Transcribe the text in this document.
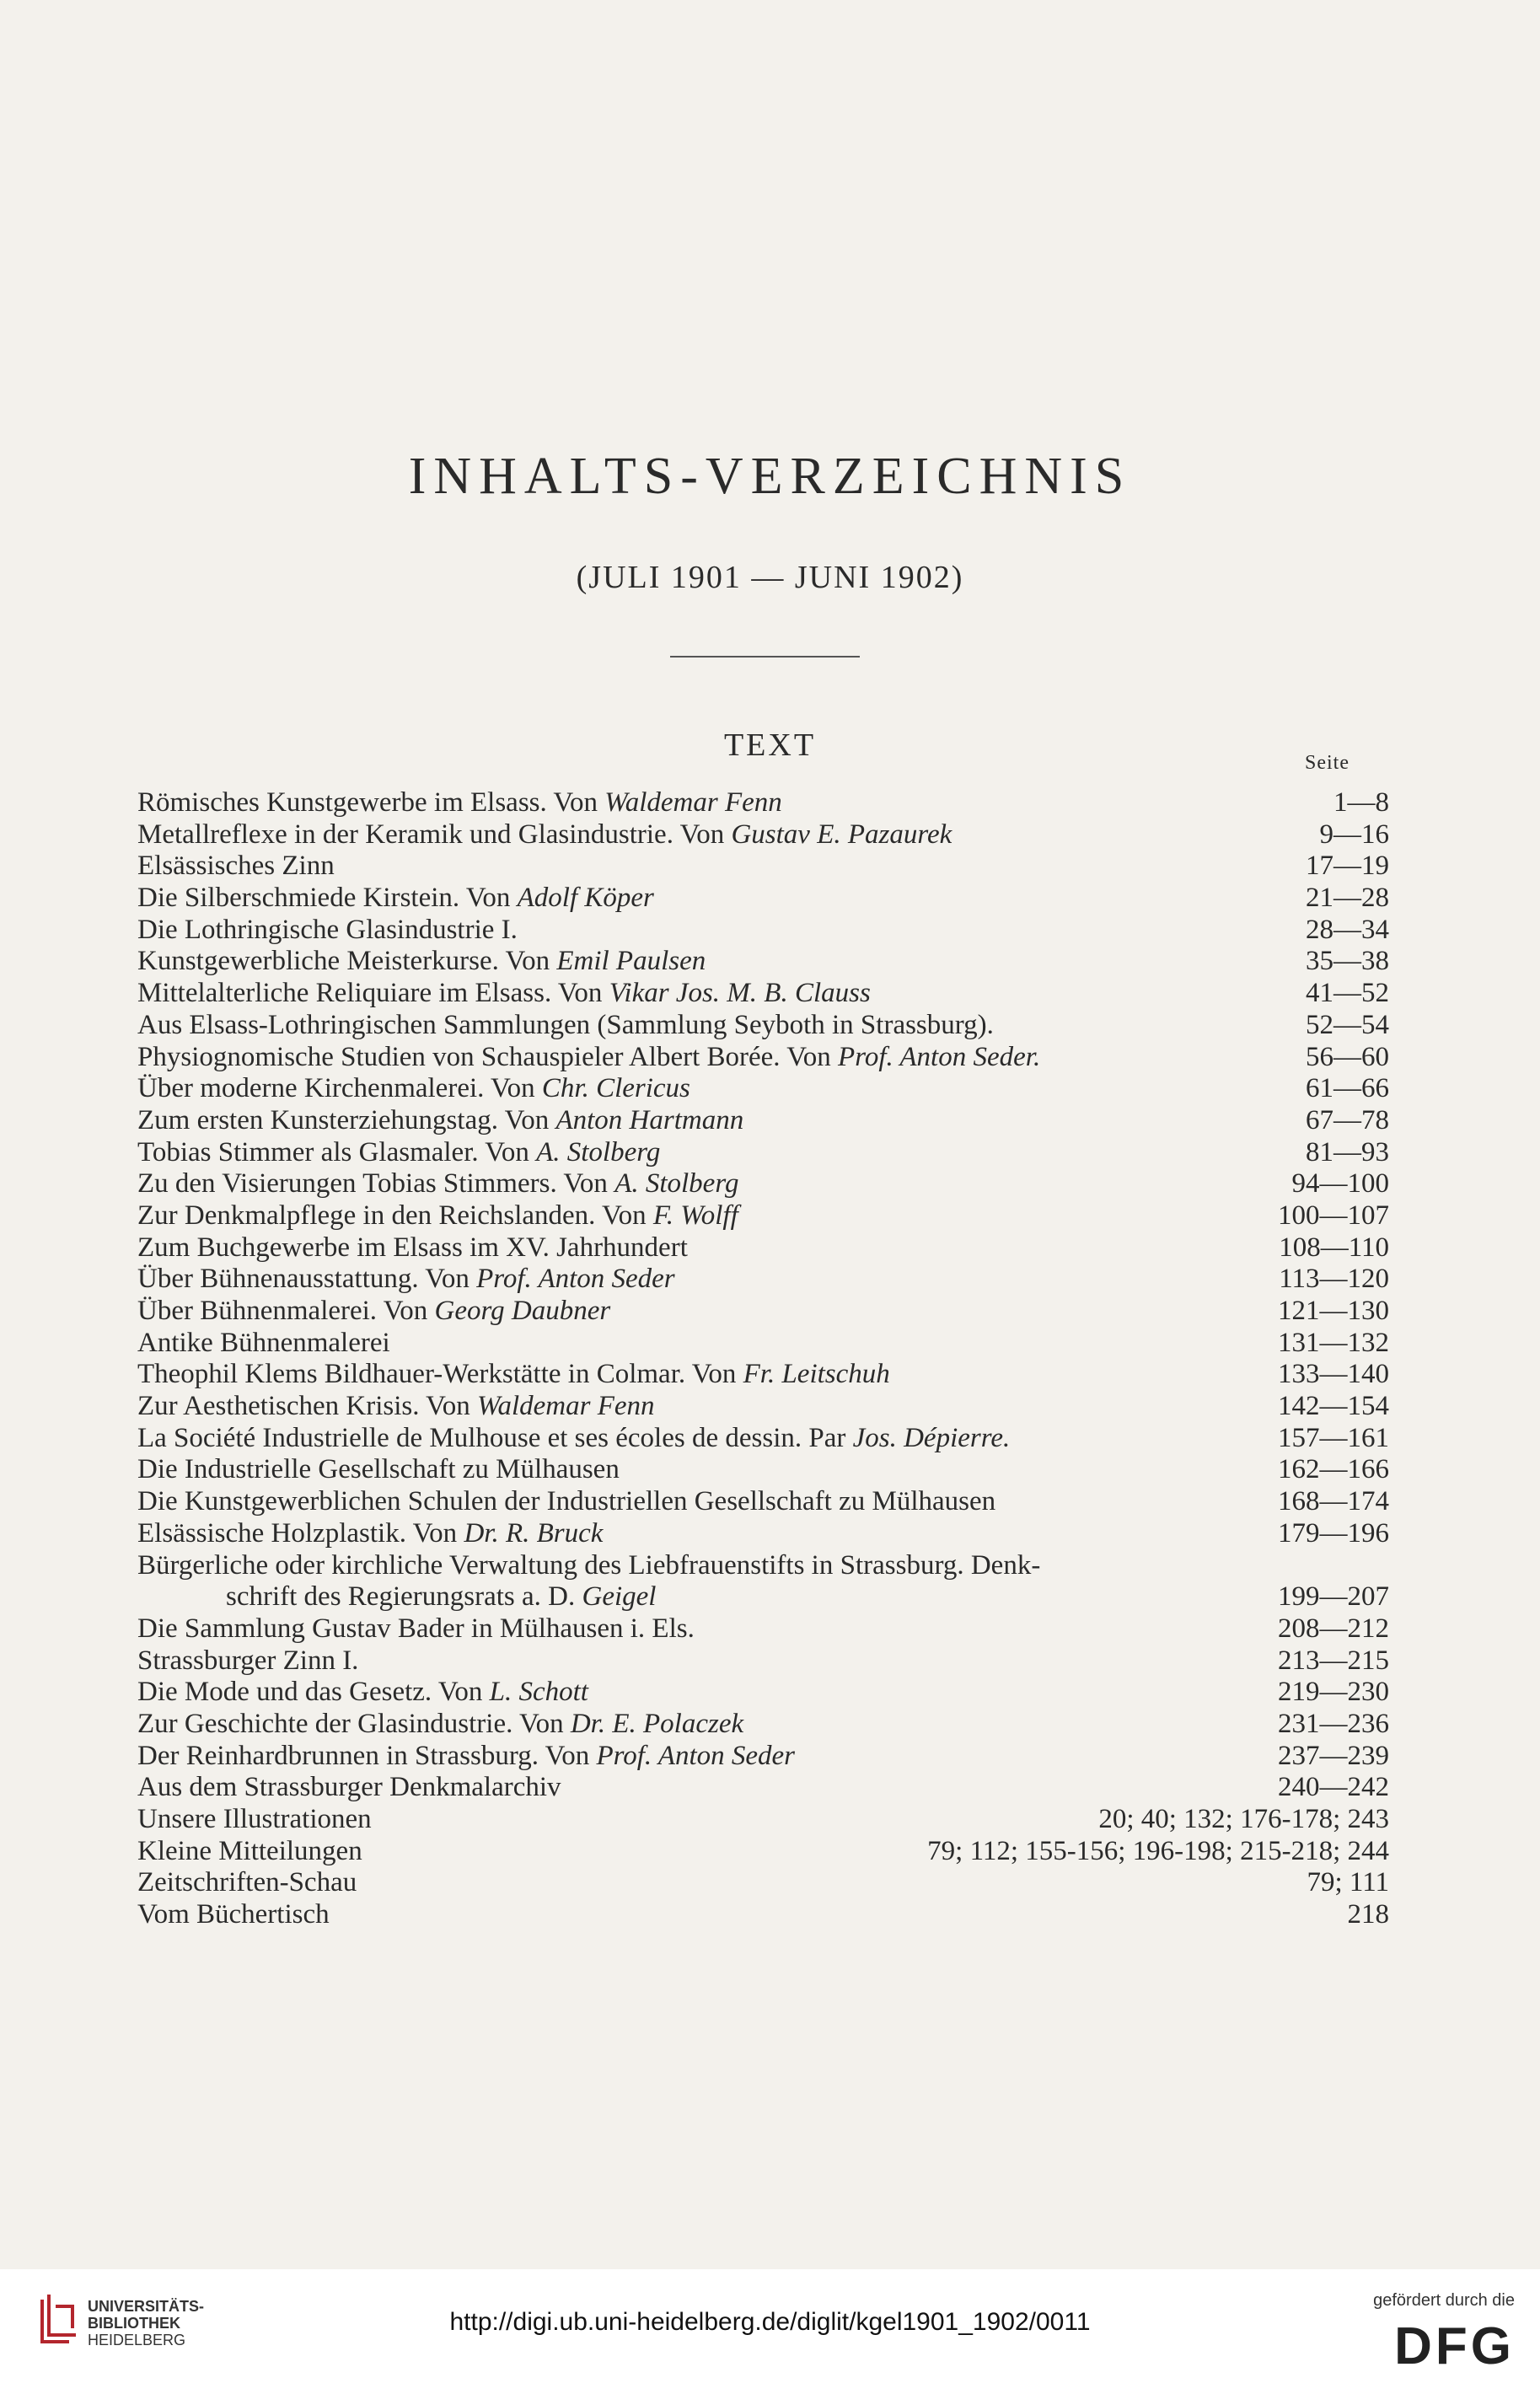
INHALTS-VERZEICHNIS
(JULI 1901 — JUNI 1902)
TEXT	Seite
Römisches Kunstgewerbe im Elsass. Von Waldemar Fenn	1—8
Metallreflexe in der Keramik und Glasindustrie. Von Gustav E. Pazaurek	9—16
Elsässisches Zinn	17—19
Die Silberschmiede Kirstein. Von Adolf Köper	21—28
Die Lothringische Glasindustrie I.	28—34
Kunstgewerbliche Meisterkurse. Von Emil Paulsen	35—38
Mittelalterliche Reliquiare im Elsass. Von Vikar Jos. M. B. Clauss	41—52
Aus Elsass-Lothringischen Sammlungen (Sammlung Seyboth in Strassburg).	52—54
Physiognomische Studien von Schauspieler Albert Borée. Von Prof. Anton Seder.	56—60
Über moderne Kirchenmalerei. Von Chr. Clericus	61—66
Zum ersten Kunsterziehungstag. Von Anton Hartmann	67—78
Tobias Stimmer als Glasmaler. Von A. Stolberg	81—93
Zu den Visierungen Tobias Stimmers. Von A. Stolberg	94—100
Zur Denkmalpflege in den Reichslanden. Von F. Wolff	100—107
Zum Buchgewerbe im Elsass im XV. Jahrhundert	108—110
Über Bühnenausstattung. Von Prof. Anton Seder	113—120
Über Bühnenmalerei. Von Georg Daubner	121—130
Antike Bühnenmalerei	131—132
Theophil Klems Bildhauer-Werkstätte in Colmar. Von Fr. Leitschuh	133—140
Zur Aesthetischen Krisis. Von Waldemar Fenn	142—154
La Société Industrielle de Mulhouse et ses écoles de dessin. Par Jos. Dépierre.	157—161
Die Industrielle Gesellschaft zu Mülhausen	162—166
Die Kunstgewerblichen Schulen der Industriellen Gesellschaft zu Mülhausen	168—174
Elsässische Holzplastik. Von Dr. R. Bruck	179—196
Bürgerliche oder kirchliche Verwaltung des Liebfrauenstifts in Strassburg. Denk-
schrift des Regierungsrats a. D. Geigel	199—207
Die Sammlung Gustav Bader in Mülhausen i. Els.	208—212
Strassburger Zinn I.	213—215
Die Mode und das Gesetz. Von L. Schott	219—230
Zur Geschichte der Glasindustrie. Von Dr. E. Polaczek	231—236
Der Reinhardbrunnen in Strassburg. Von Prof. Anton Seder	237—239
Aus dem Strassburger Denkmalarchiv	240—242
Unsere Illustrationen	20; 40; 132; 176-178; 243
Kleine Mitteilungen	79; 112; 155-156; 196-198; 215-218; 244
Zeitschriften-Schau	79; 111
Vom Büchertisch	218
UNIVERSITÄTS-
BIBLIOTHEK
HEIDELBERG
http://digi.ub.uni-heidelberg.de/diglit/kgel1901_1902/0011
gefördert durch die
DFG
